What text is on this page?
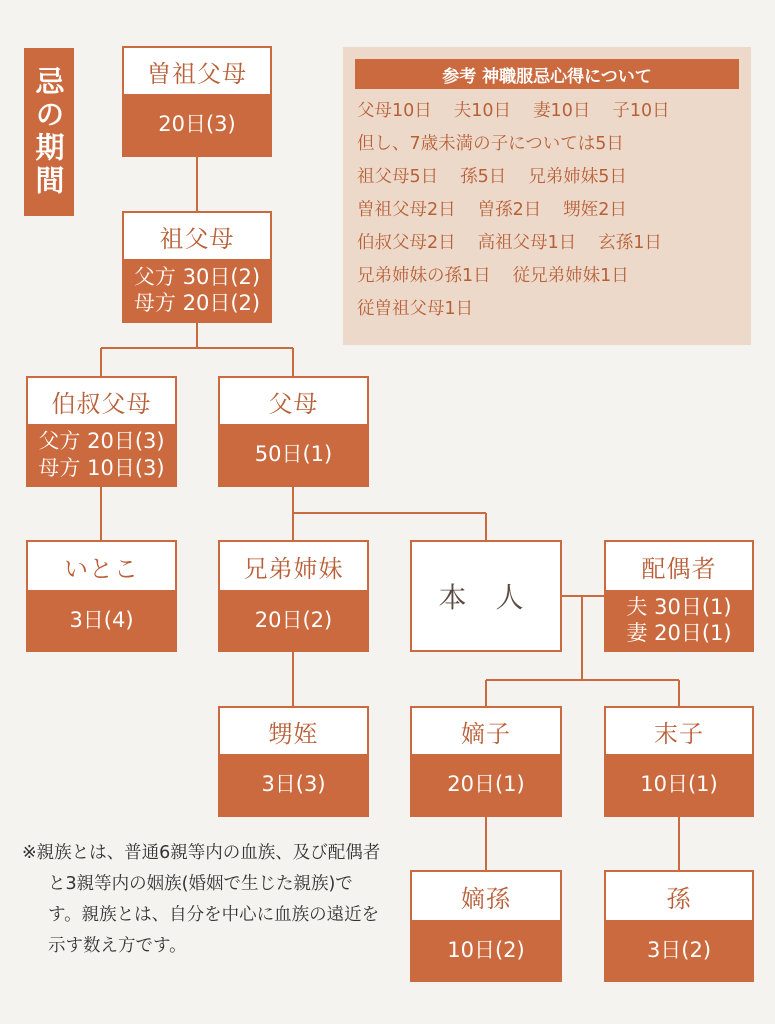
忌の期間	曽祖父母
20日(3)
祖父母
父方 30日(2)
母方 20日(2)
伯叔父母
父方 20日(3)
母方 10日(3)
父母
50日(1)
いとこ
3日(4)
兄弟姉妹
20日(2)
本 人
配偶者
夫 30日(1)
妻 20日(1)
甥姪
3日(3)
嫡子
20日(1)
末子
10日(1)
嫡孫
10日(2)
孫
3日(2)
参考 神職服忌心得について
父母10日 夫10日 妻10日 子10日
但し、7歳未満の子については5日
祖父母5日 孫5日 兄弟姉妹5日
曽祖父母2日 曽孫2日 甥姪2日
伯叔父母2日 高祖父母1日 玄孫1日
兄弟姉妹の孫1日 従兄弟姉妹1日
従曽祖父母1日
※親族とは、普通6親等内の血族、及び配偶者と3親等内の姻族(婚姻で生じた親族)です。親族とは、自分を中心に血族の遠近を示す数え方です。
